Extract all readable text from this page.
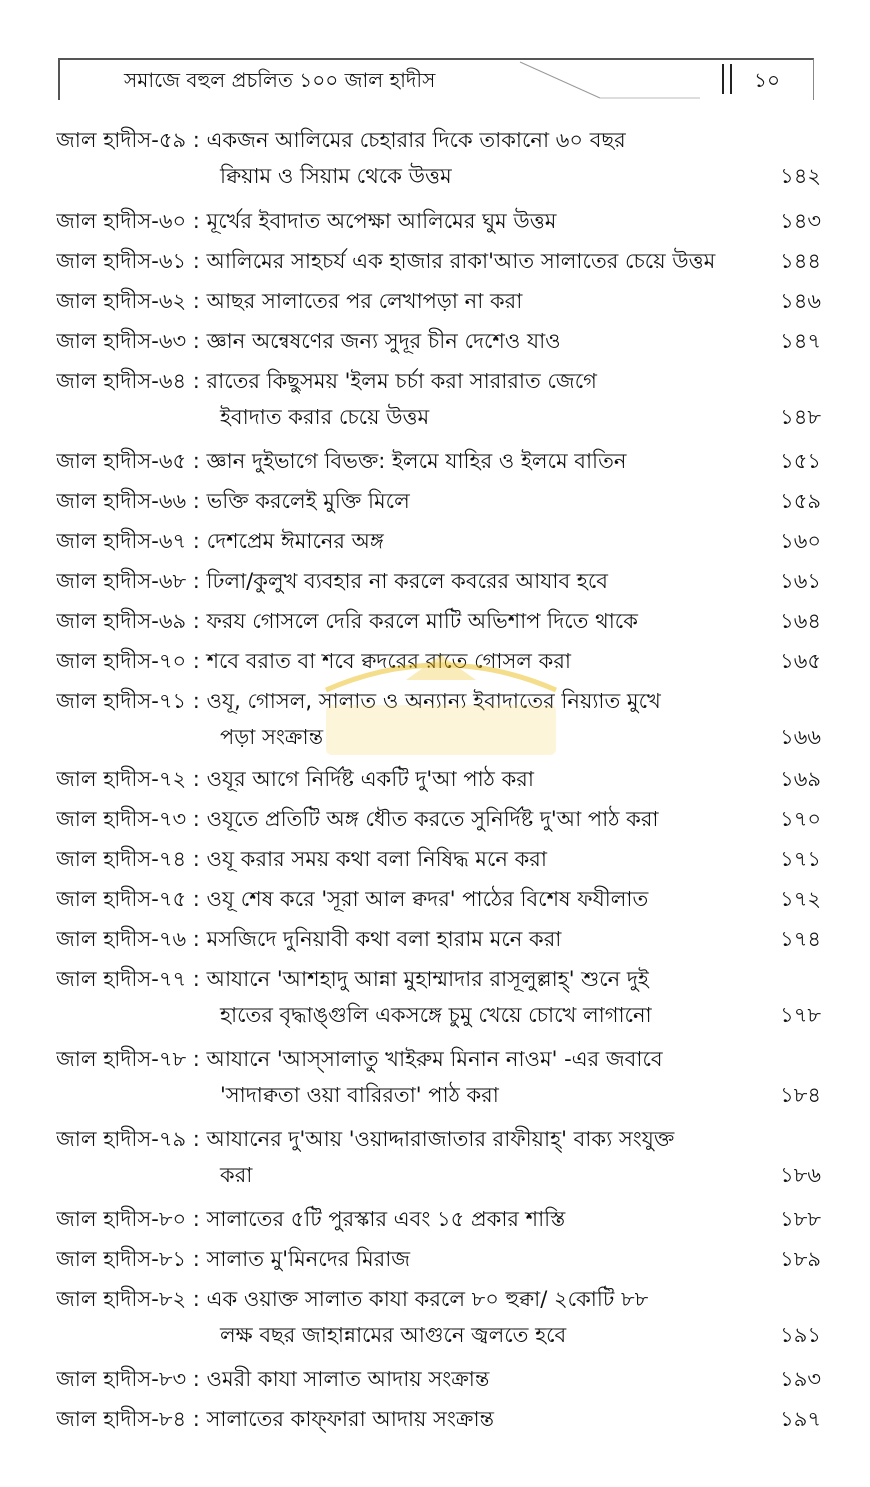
সমাজে বহুল প্রচলিত ১০০ জাল হাদীস	১০
জাল হাদীস-৫৯ : একজন আলিমের চেহারার দিকে তাকানো ৬০ বছর
ক্বিয়াম ও সিয়াম থেকে উত্তম	১৪২
জাল হাদীস-৬০ : মূর্খের ইবাদাত অপেক্ষা আলিমের ঘুম উত্তম	১৪৩
জাল হাদীস-৬১ : আলিমের সাহচর্য এক হাজার রাকা'আত সালাতের চেয়ে উত্তম	১৪৪
জাল হাদীস-৬২ : আছর সালাতের পর লেখাপড়া না করা	১৪৬
জাল হাদীস-৬৩ : জ্ঞান অন্বেষণের জন্য সুদূর চীন দেশেও যাও	১৪৭
জাল হাদীস-৬৪ : রাতের কিছুসময় 'ইলম চর্চা করা সারারাত জেগে
ইবাদাত করার চেয়ে উত্তম	১৪৮
জাল হাদীস-৬৫ : জ্ঞান দুইভাগে বিভক্ত: ইলমে যাহির ও ইলমে বাতিন	১৫১
জাল হাদীস-৬৬ : ভক্তি করলেই মুক্তি মিলে	১৫৯
জাল হাদীস-৬৭ : দেশপ্রেম ঈমানের অঙ্গ	১৬০
জাল হাদীস-৬৮ : ঢিলা/কুলুখ ব্যবহার না করলে কবরের আযাব হবে	১৬১
জাল হাদীস-৬৯ : ফরয গোসলে দেরি করলে মাটি অভিশাপ দিতে থাকে	১৬৪
জাল হাদীস-৭০ : শবে বরাত বা শবে ক্বদরের রাতে গোসল করা	১৬৫
জাল হাদীস-৭১ : ওযূ, গোসল, সালাত ও অন্যান্য ইবাদাতের নিয়্যাত মুখে
পড়া সংক্রান্ত	১৬৬
জাল হাদীস-৭২ : ওযূর আগে নির্দিষ্ট একটি দু'আ পাঠ করা	১৬৯
জাল হাদীস-৭৩ : ওযূতে প্রতিটি অঙ্গ ধৌত করতে সুনির্দিষ্ট দু'আ পাঠ করা	১৭০
জাল হাদীস-৭৪ : ওযূ করার সময় কথা বলা নিষিদ্ধ মনে করা	১৭১
জাল হাদীস-৭৫ : ওযূ শেষ করে 'সূরা আল ক্বদর' পাঠের বিশেষ ফযীলাত	১৭২
জাল হাদীস-৭৬ : মসজিদে দুনিয়াবী কথা বলা হারাম মনে করা	১৭৪
জাল হাদীস-৭৭ : আযানে 'আশহাদু আন্না মুহাম্মাদার রাসূলুল্লাহ্' শুনে দুই
হাতের বৃদ্ধাঙ্গুলি একসঙ্গে চুমু খেয়ে চোখে লাগানো	১৭৮
জাল হাদীস-৭৮ : আযানে 'আস্‌সালাতু খাইরুম মিনান নাওম' -এর জবাবে
'সাদাক্বতা ওয়া বারিরতা' পাঠ করা	১৮৪
জাল হাদীস-৭৯ : আযানের দু'আয় 'ওয়াদ্দারাজাতার রাফীয়াহ্' বাক্য সংযুক্ত
করা	১৮৬
জাল হাদীস-৮০ : সালাতের ৫টি পুরস্কার এবং ১৫ প্রকার শাস্তি	১৮৮
জাল হাদীস-৮১ : সালাত মু'মিনদের মিরাজ	১৮৯
জাল হাদীস-৮২ : এক ওয়াক্ত সালাত কাযা করলে ৮০ হুক্বা/ ২কোটি ৮৮
লক্ষ বছর জাহান্নামের আগুনে জ্বলতে হবে	১৯১
জাল হাদীস-৮৩ : ওমরী কাযা সালাত আদায় সংক্রান্ত	১৯৩
জাল হাদীস-৮৪ : সালাতের কাফ্‌ফারা আদায় সংক্রান্ত	১৯৭
